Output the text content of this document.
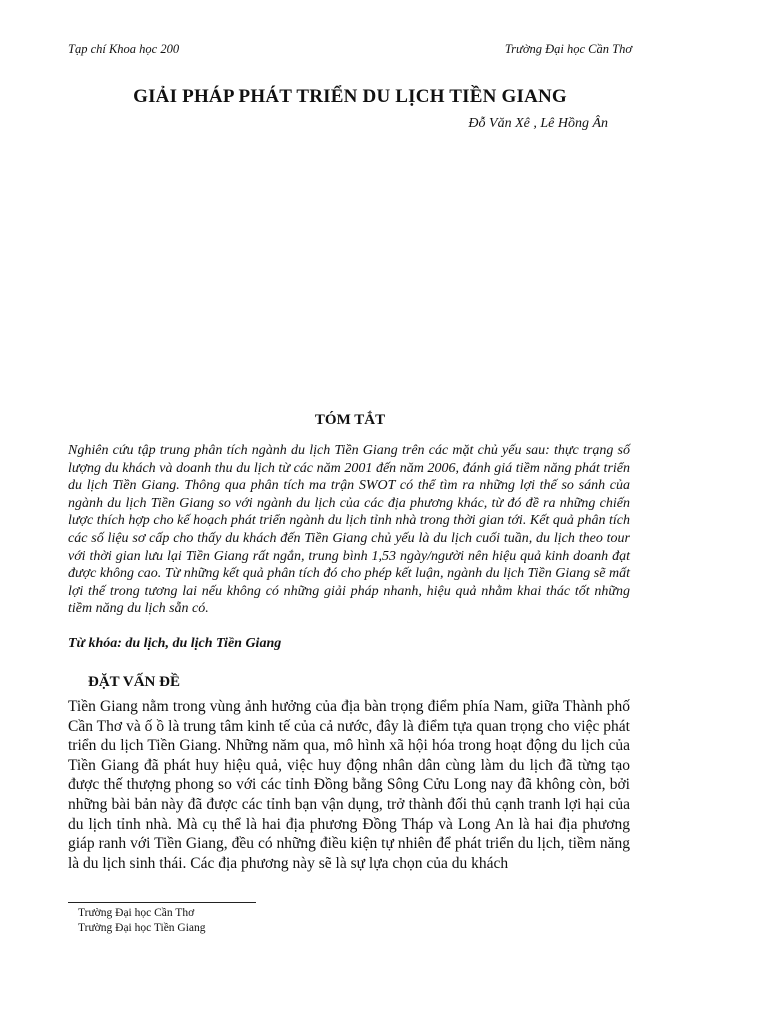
Tạp chí Khoa học 200	Trường Đại học Cần Thơ
GIẢI PHÁP PHÁT TRIỂN DU LỊCH TIỀN GIANG
Đỗ Văn Xê , Lê Hồng Ân
TÓM TẮT

Nghiên cứu tập trung phân tích ngành du lịch Tiền Giang trên các mặt chủ yếu sau: thực trạng số lượng du khách và doanh thu du lịch từ các năm 2001 đến năm 2006, đánh giá tiềm năng phát triển du lịch Tiền Giang. Thông qua phân tích ma trận SWOT có thể tìm ra những lợi thế so sánh của ngành du lịch Tiền Giang so với ngành du lịch của các địa phương khác, từ đó đề ra những chiến lược thích hợp cho kế hoạch phát triển ngành du lịch tỉnh nhà trong thời gian tới. Kết quả phân tích các số liệu sơ cấp cho thấy du khách đến Tiền Giang chủ yếu là du lịch cuối tuần, du lịch theo tour với thời gian lưu lại Tiền Giang rất ngắn, trung bình 1,53 ngày/người nên hiệu quả kinh doanh đạt được không cao. Từ những kết quả phân tích đó cho phép kết luận, ngành du lịch Tiền Giang sẽ mất lợi thế trong tương lai nếu không có những giải pháp nhanh, hiệu quả nhằm khai thác tốt những tiềm năng du lịch sẵn có.

Từ khóa: du lịch, du lịch Tiền Giang
ĐẶT VẤN ĐỀ

Tiền Giang nằm trong vùng ảnh hưởng của địa bàn trọng điểm phía Nam, giữa Thành phố Cần Thơ và ố ồ là trung tâm kinh tế của cả nước, đây là điểm tựa quan trọng cho việc phát triển du lịch Tiền Giang. Những năm qua, mô hình xã hội hóa trong hoạt động du lịch của Tiền Giang đã phát huy hiệu quả, việc huy động nhân dân cùng làm du lịch đã từng tạo được thế thượng phong so với các tỉnh Đồng bằng Sông Cửu Long nay đã không còn, bởi những bài bản này đã được các tỉnh bạn vận dụng, trở thành đối thủ cạnh tranh lợi hại của du lịch tỉnh nhà. Mà cụ thể là hai địa phương Đồng Tháp và Long An là hai địa phương giáp ranh với Tiền Giang, đều có những điều kiện tự nhiên để phát triển du lịch, tiềm năng là du lịch sinh thái. Các địa phương này sẽ là sự lựa chọn của du khách

Trường Đại học Cần Thơ
Trường Đại học Tiền Giang
